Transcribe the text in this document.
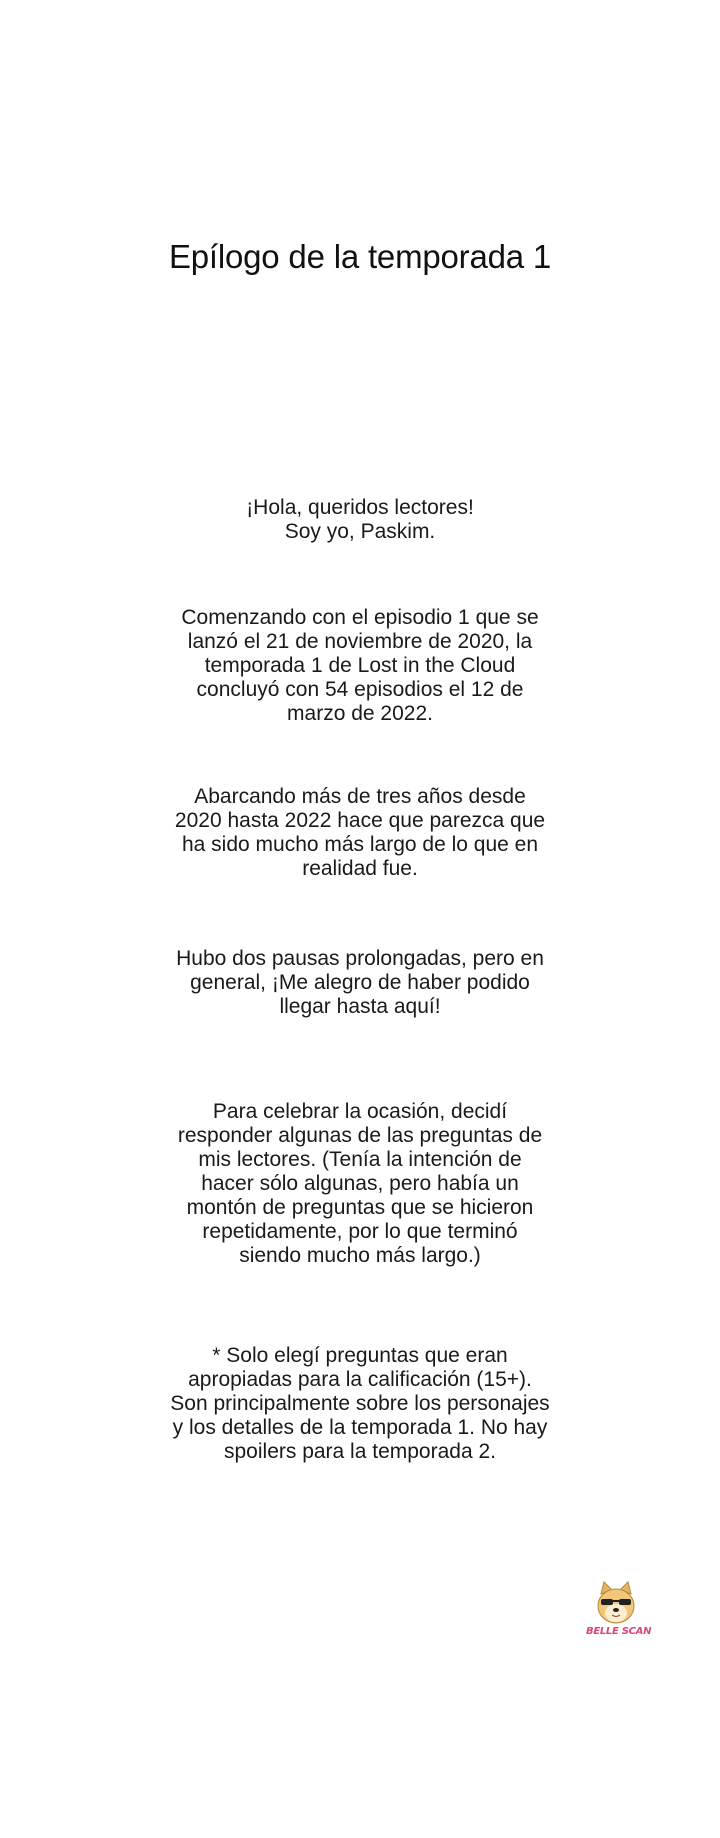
Epílogo de la temporada 1

¡Hola, queridos lectores!
Soy yo, Paskim.

Comenzando con el episodio 1 que se
lanzó el 21 de noviembre de 2020, la
temporada 1 de Lost in the Cloud
concluyó con 54 episodios el 12 de
marzo de 2022.

Abarcando más de tres años desde
2020 hasta 2022 hace que parezca que
ha sido mucho más largo de lo que en
realidad fue.

Hubo dos pausas prolongadas, pero en
general, ¡Me alegro de haber podido
llegar hasta aquí!

Para celebrar la ocasión, decidí
responder algunas de las preguntas de
mis lectores. (Tenía la intención de
hacer sólo algunas, pero había un
montón de preguntas que se hicieron
repetidamente, por lo que terminó
siendo mucho más largo.)

* Solo elegí preguntas que eran
apropiadas para la calificación (15+).
Son principalmente sobre los personajes
y los detalles de la temporada 1. No hay
spoilers para la temporada 2.

BELLE SCAN
